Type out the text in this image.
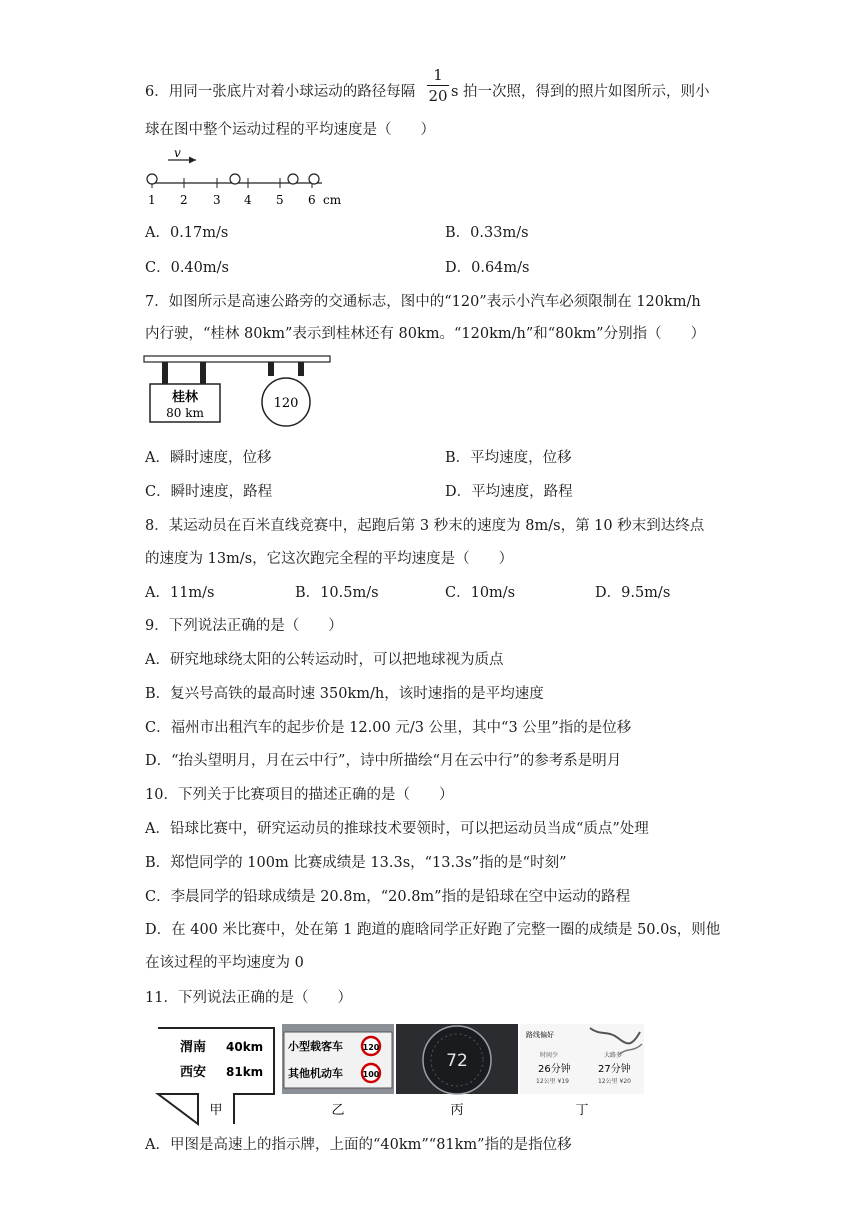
6．用同一张底片对着小球运动的路径每隔
1
20 s 拍一次照，得到的照片如图所示，则小
球在图中整个运动过程的平均速度是（　　）
v
1 2 3 4 5 6 cm
A．0.17m/s	B．0.33m/s
C．0.40m/s	D．0.64m/s
7．如图所示是高速公路旁的交通标志，图中的“120”表示小汽车必须限制在 120km/h
内行驶，“桂林 80km”表示到桂林还有 80km。“120km/h”和“80km”分别指（　　）
桂林
80 km
120
A．瞬时速度，位移	B．平均速度，位移
C．瞬时速度，路程	D．平均速度，路程
8．某运动员在百米直线竞赛中，起跑后第 3 秒末的速度为 8m/s，第 10 秒末到达终点
的速度为 13m/s，它这次跑完全程的平均速度是（　　）
A．11m/s	B．10.5m/s	C．10m/s	D．9.5m/s
9．下列说法正确的是（　　）
A．研究地球绕太阳的公转运动时，可以把地球视为质点
B．复兴号高铁的最高时速 350km/h，该时速指的是平均速度
C．福州市出租汽车的起步价是 12.00 元/3 公里，其中“3 公里”指的是位移
D．“抬头望明月，月在云中行”，诗中所描绘“月在云中行”的参考系是明月
10．下列关于比赛项目的描述正确的是（　　）
A．铅球比赛中，研究运动员的推球技术要领时，可以把运动员当成“质点”处理
B．郑恺同学的 100m 比赛成绩是 13.3s，“13.3s”指的是“时刻”
C．李晨同学的铅球成绩是 20.8m，“20.8m”指的是铅球在空中运动的路程
D．在 400 米比赛中，处在第 1 跑道的鹿晗同学正好跑了完整一圈的成绩是 50.0s，则他
在该过程的平均速度为 0
11．下列说法正确的是（　　）
渭南 40km
西安 81km
甲
小型载客车 120
其他机动车 100
乙
72
丙
路线偏好
时间少
26分钟
12公里 ¥19
大路多
27分钟
12公里 ¥20
丁
A．甲图是高速上的指示牌，上面的“40km”“81km”指的是指位移
